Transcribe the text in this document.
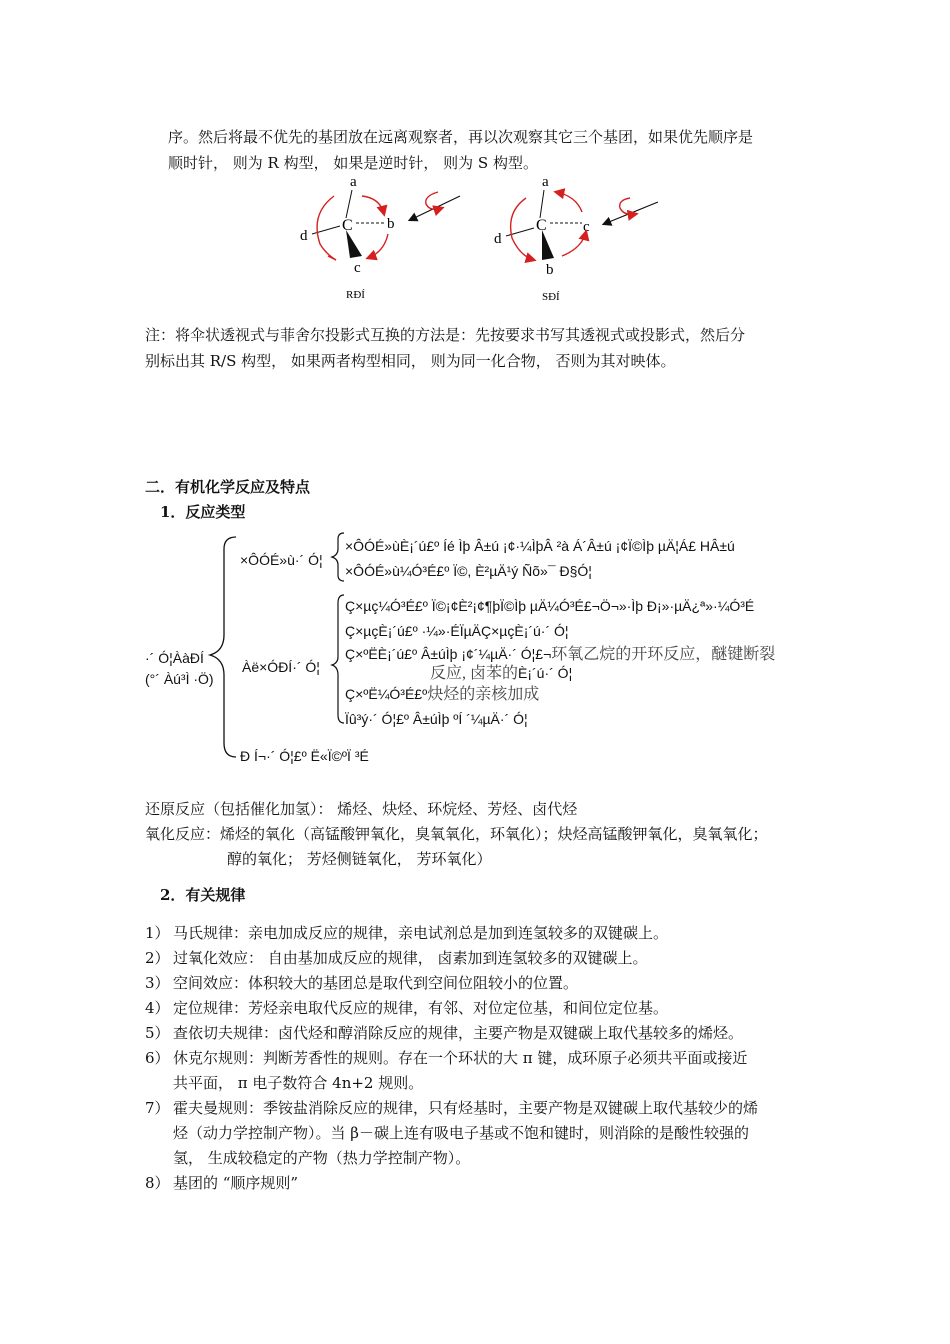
序。然后将最不优先的基团放在远离观察者，再以次观察其它三个基团，如果优先顺序是
顺时针， 则为 R 构型， 如果是逆时针， 则为 S 构型。
a
C b
d
c
RÐÍ
a
C c
d
b
SÐÍ
注：将伞状透视式与菲舍尔投影式互换的方法是：先按要求书写其透视式或投影式，然后分
别标出其 R/S 构型， 如果两者构型相同， 则为同一化合物， 否则为其对映体。
二．有机化学反应及特点
1．反应类型
·´ Ó¦ÀàÐÍ
(°´ Àú³Ì ·Ö)
×ÔÓÉ»ù·´ Ó¦
×ÔÓÉ»ùÈ¡´ú£º Íé Ìþ Â±ú ¡¢·¼ÌþÂ ²à Á´Â±ú ¡¢Ï©Ìþ µÄ¦Á£ HÂ±ú
×ÔÓÉ»ù¼Ó³É£º Ï©, È²µÄ¹ý Ñõ»¯ Ð§Ó¦
Àë×ÓÐÍ·´ Ó¦
Ç×µç¼Ó³É£º Ï©¡¢È²¡¢¶þÏ©Ìþ µÄ¼Ó³É£¬Ö¬»·Ìþ Ð¡»·µÄ¿ª»·¼Ó³É
Ç×µçÈ¡´ú£º ·¼»·ÉÏµÄÇ×µçÈ¡´ú·´ Ó¦
Ç×ºËÈ¡´ú£º Â±úÌþ ¡¢´¼µÄ·´ Ó¦£¬环氧乙烷的开环反应，醚键断裂
反应, 卤苯的È¡´ú·´ Ó¦
Ç×ºË¼Ó³É£º炔烃的亲核加成
Ïû³ý·´ Ó¦£º Â±úÌþ ºÍ ´¼µÄ·´ Ó¦
Ð Í¬·´ Ó¦£º Ë«Ï©ºÏ ³É
还原反应（包括催化加氢）： 烯烃、炔烃、环烷烃、芳烃、卤代烃
氧化反应：烯烃的氧化（高锰酸钾氧化，臭氧氧化，环氧化）；炔烃高锰酸钾氧化，臭氧氧化；
醇的氧化； 芳烃侧链氧化， 芳环氧化）
2．有关规律
1） 马氏规律：亲电加成反应的规律，亲电试剂总是加到连氢较多的双键碳上。
2） 过氧化效应： 自由基加成反应的规律， 卤素加到连氢较多的双键碳上。
3） 空间效应：体积较大的基团总是取代到空间位阻较小的位置。
4） 定位规律：芳烃亲电取代反应的规律，有邻、对位定位基，和间位定位基。
5） 查依切夫规律：卤代烃和醇消除反应的规律，主要产物是双键碳上取代基较多的烯烃。
6） 休克尔规则：判断芳香性的规则。存在一个环状的大 π 键，成环原子必须共平面或接近
共平面， π 电子数符合 4n+2 规则。
7） 霍夫曼规则：季铵盐消除反应的规律，只有烃基时，主要产物是双键碳上取代基较少的烯
烃（动力学控制产物）。当 β－碳上连有吸电子基或不饱和键时，则消除的是酸性较强的
氢， 生成较稳定的产物（热力学控制产物）。
8） 基团的 “顺序规则”
